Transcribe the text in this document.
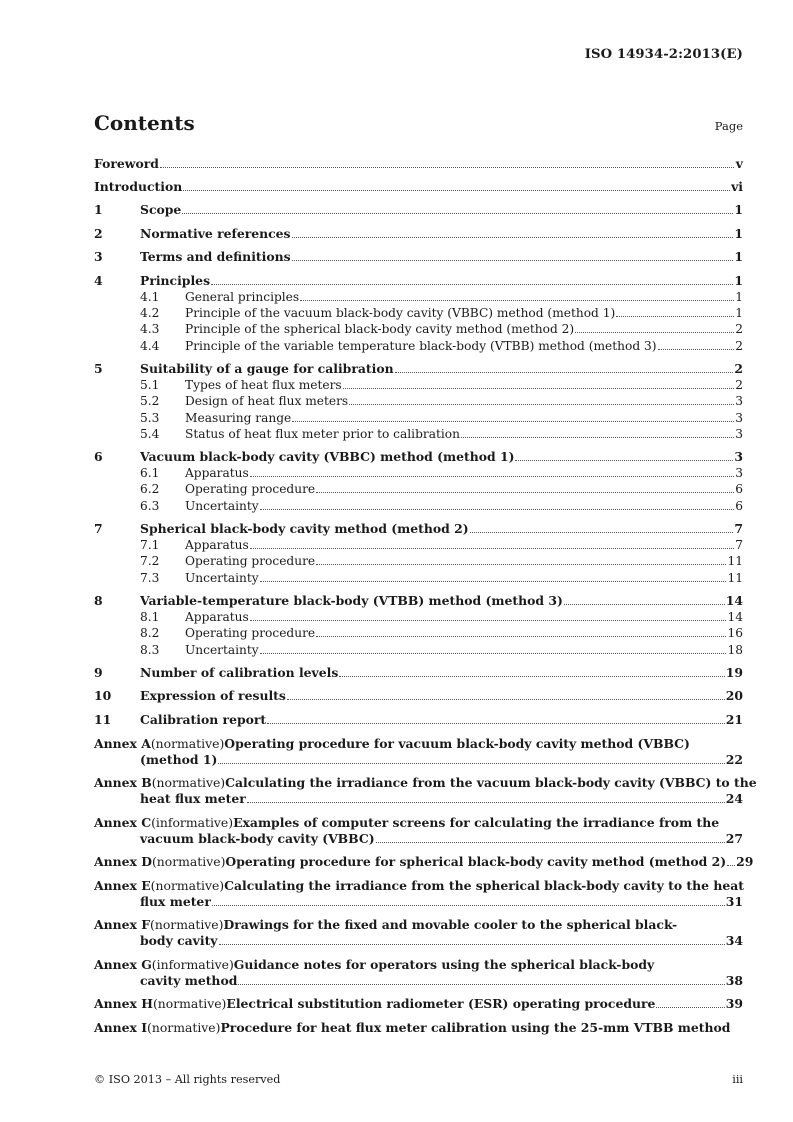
ISO 14934-2:2013(E)
Contents	Page
Foreword	v
Introduction	vi
1	Scope	1
2	Normative references	1
3	Terms and definitions	1
4	Principles	1
4.1	General principles	1
4.2	Principle of the vacuum black-body cavity (VBBC) method (method 1)	1
4.3	Principle of the spherical black-body cavity method (method 2)	2
4.4	Principle of the variable temperature black-body (VTBB) method (method 3)	2
5	Suitability of a gauge for calibration	2
5.1	Types of heat flux meters	2
5.2	Design of heat flux meters	3
5.3	Measuring range	3
5.4	Status of heat flux meter prior to calibration	3
6	Vacuum black-body cavity (VBBC) method (method 1)	3
6.1	Apparatus	3
6.2	Operating procedure	6
6.3	Uncertainty	6
7	Spherical black-body cavity method (method 2)	7
7.1	Apparatus	7
7.2	Operating procedure	11
7.3	Uncertainty	11
8	Variable-temperature black-body (VTBB) method (method 3)	14
8.1	Apparatus	14
8.2	Operating procedure	16
8.3	Uncertainty	18
9	Number of calibration levels	19
10	Expression of results	20
11	Calibration report	21
Annex A (normative) Operating procedure for vacuum black-body cavity method (VBBC)
(method 1)	22
Annex B (normative) Calculating the irradiance from the vacuum black-body cavity (VBBC) to the
heat flux meter	24
Annex C (informative) Examples of computer screens for calculating the irradiance from the
vacuum black-body cavity (VBBC)	27
Annex D (normative) Operating procedure for spherical black-body cavity method (method 2) 29
Annex E (normative) Calculating the irradiance from the spherical black-body cavity to the heat
flux meter	31
Annex F (normative) Drawings for the fixed and movable cooler to the spherical black-
body cavity	34
Annex G (informative) Guidance notes for operators using the spherical black-body
cavity method	38
Annex H (normative) Electrical substitution radiometer (ESR) operating procedure	39
Annex I (normative) Procedure for heat flux meter calibration using the 25-mm VTBB method
© ISO 2013 – All rights reserved	iii
